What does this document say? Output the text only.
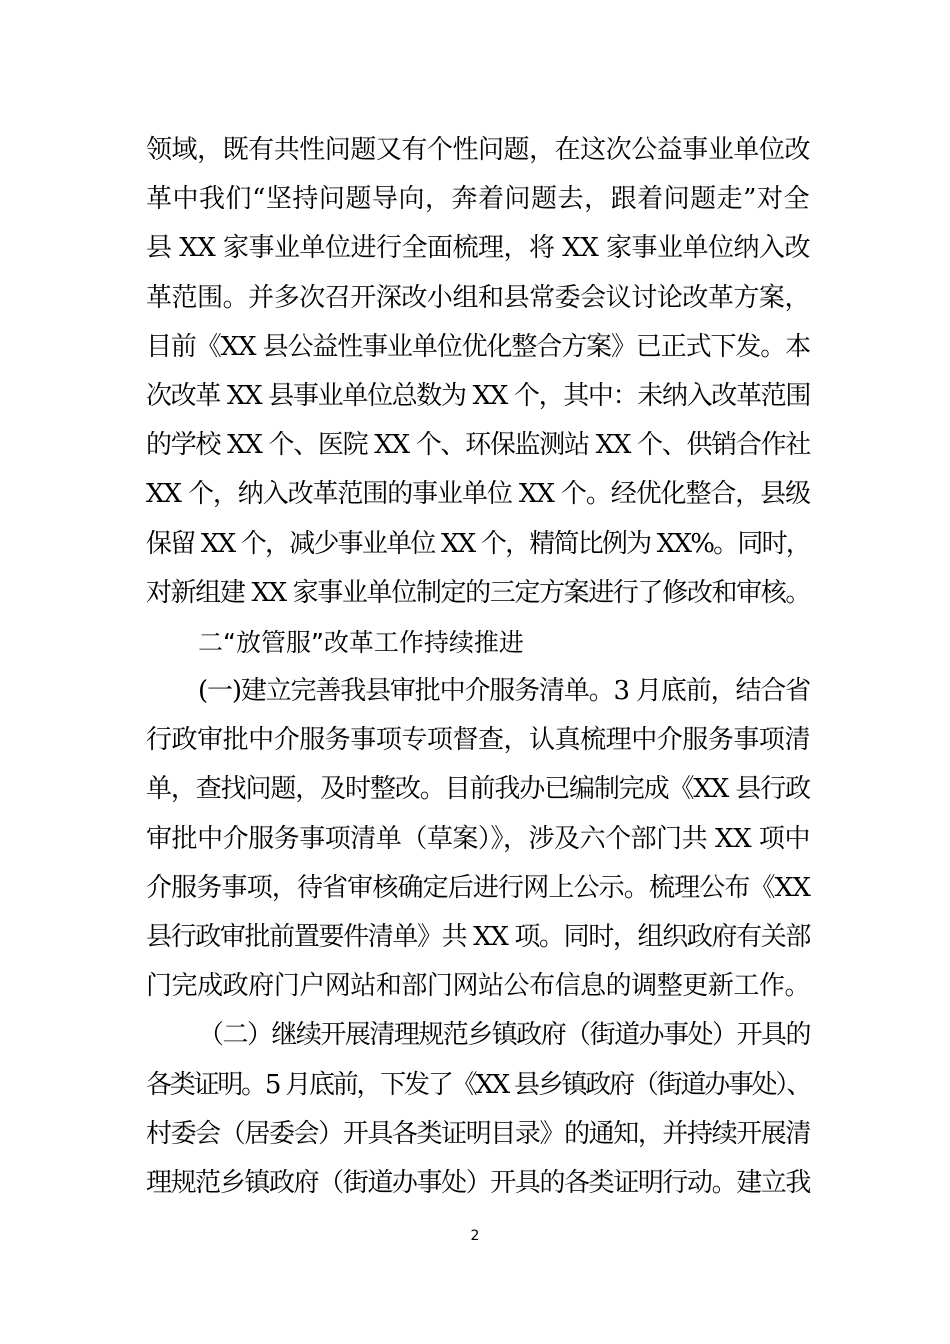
领域，既有共性问题又有个性问题，在这次公益事业单位改
革中我们“坚持问题导向，奔着问题去，跟着问题走”对全
县 XX 家事业单位进行全面梳理，将 XX 家事业单位纳入改
革范围。并多次召开深改小组和县常委会议讨论改革方案，
目前《XX 县公益性事业单位优化整合方案》已正式下发。本
次改革 XX 县事业单位总数为 XX 个，其中：未纳入改革范围
的学校 XX 个、医院 XX 个、环保监测站 XX 个、供销合作社
XX 个，纳入改革范围的事业单位 XX 个。经优化整合，县级
保留 XX 个，减少事业单位 XX 个，精简比例为 XX%。同时，
对新组建 XX 家事业单位制定的三定方案进行了修改和审核。
二“放管服”改革工作持续推进
(一)建立完善我县审批中介服务清单。3 月底前，结合省
行政审批中介服务事项专项督查，认真梳理中介服务事项清
单，查找问题，及时整改。目前我办已编制完成《XX 县行政
审批中介服务事项清单（草案）》，涉及六个部门共 XX 项中
介服务事项，待省审核确定后进行网上公示。梳理公布《XX
县行政审批前置要件清单》共 XX 项。同时，组织政府有关部
门完成政府门户网站和部门网站公布信息的调整更新工作。
（二）继续开展清理规范乡镇政府（街道办事处）开具的
各类证明。5 月底前，下发了《XX 县乡镇政府（街道办事处）、
村委会（居委会）开具各类证明目录》的通知，并持续开展清
理规范乡镇政府（街道办事处）开具的各类证明行动。建立我
2
